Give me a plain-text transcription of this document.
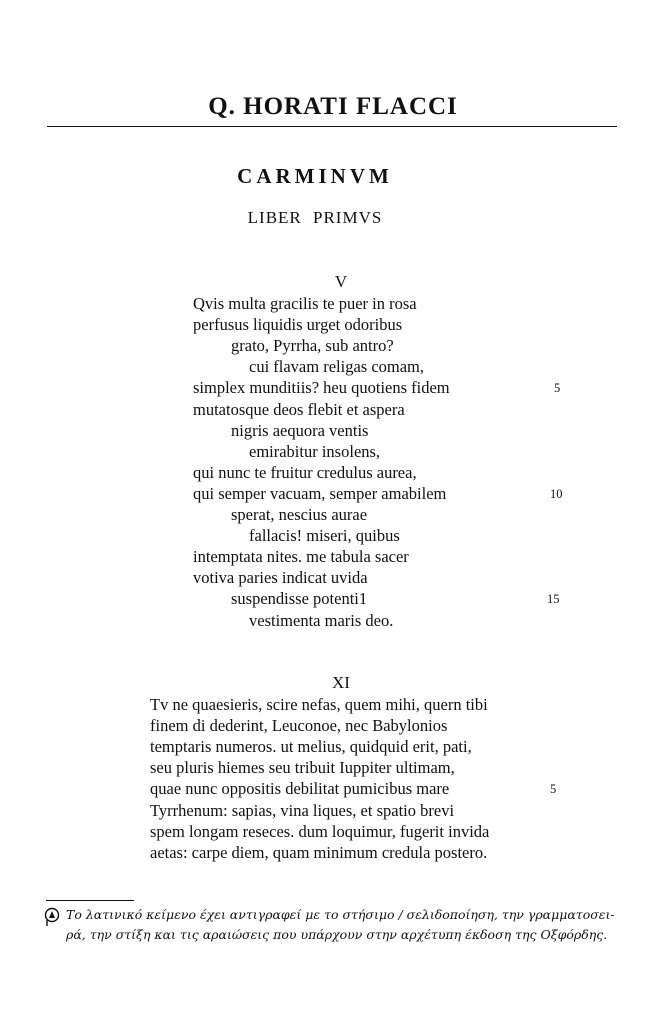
Q. HORATI FLACCI
CARMINVM
LIBER PRIMVS
V
Qvis multa gracilis te puer in rosa
perfusus liquidis urget odoribus
grato, Pyrrha, sub antro?
cui flavam religas comam,
simplex munditiis? heu quotiens fidem	5
mutatosque deos flebit et aspera
nigris aequora ventis
emirabitur insolens,
qui nunc te fruitur credulus aurea,
qui semper vacuam, semper amabilem	10
sperat, nescius aurae
fallacis! miseri, quibus
intemptata nites. me tabula sacer
votiva paries indicat uvida
suspendisse potenti1	15
vestimenta maris deo.
XI
Tv ne quaesieris, scire nefas, quem mihi, quern tibi
finem di dederint, Leuconoe, nec Babylonios
temptaris numeros. ut melius, quidquid erit, pati,
seu pluris hiemes seu tribuit Iuppiter ultimam,
quae nunc oppositis debilitat pumicibus mare	5
Tyrrhenum: sapias, vina liques, et spatio brevi
spem longam reseces. dum loquimur, fugerit invida
aetas: carpe diem, quam minimum credula postero.
Το λατινικό κείμενο έχει αντιγραφεί με το στήσιμο / σελιδοποίηση, την γραμματοσει-
ρά, την στίξη και τις αραιώσεις που υπάρχουν στην αρχέτυπη έκδοση της Οξφόρδης.
